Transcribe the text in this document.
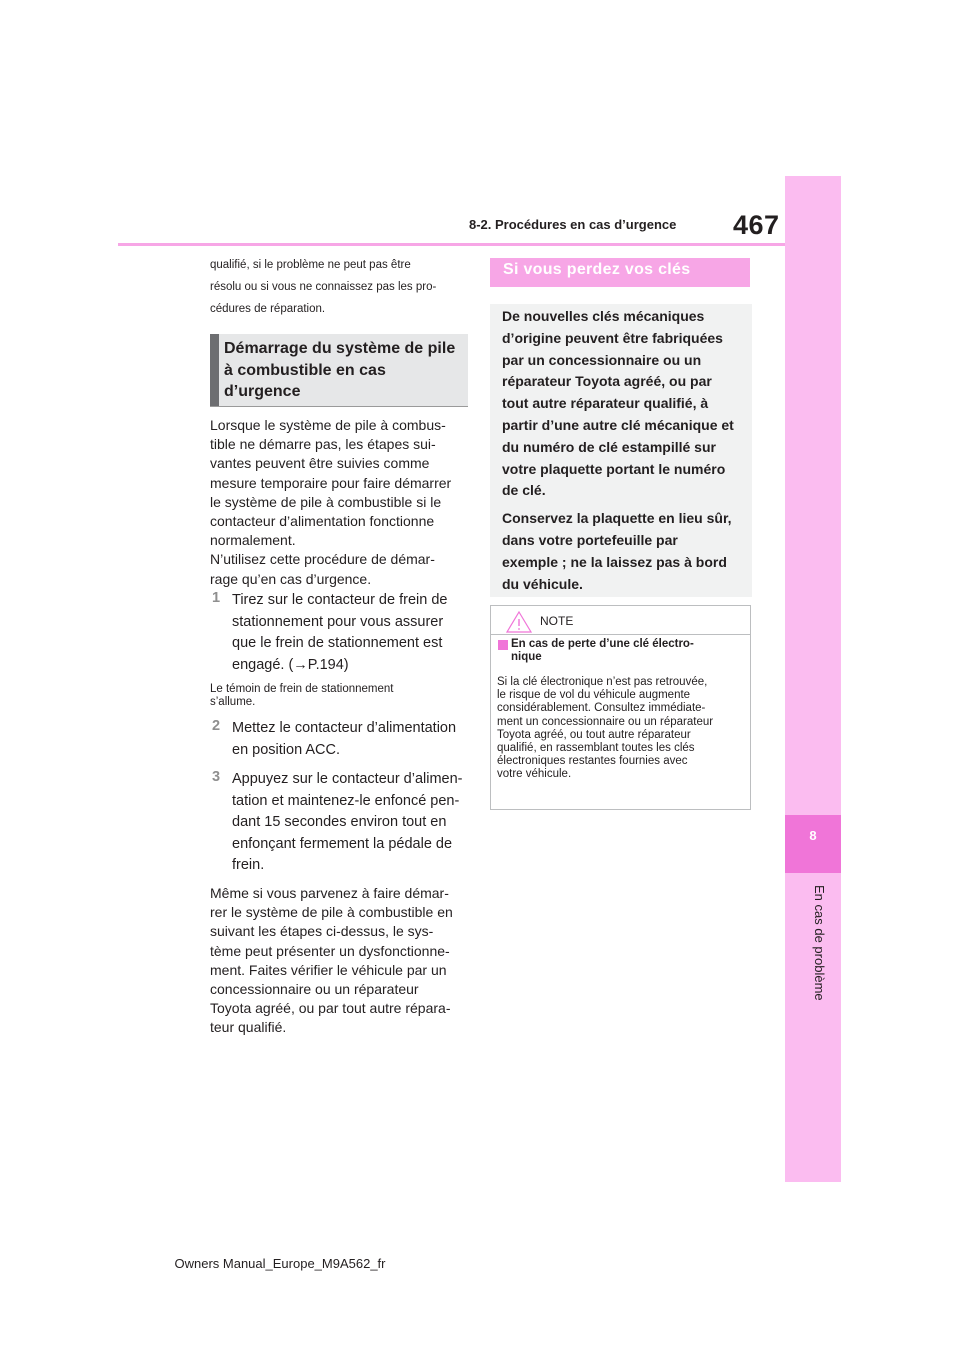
8
En cas de problème
8-2. Procédures en cas d’urgence 467
qualifié, si le problème ne peut pas être
résolu ou si vous ne connaissez pas les pro-
cédures de réparation.
Démarrage du système de pile
à combustible en cas
d’urgence
Lorsque le système de pile à combus-
tible ne démarre pas, les étapes sui-
vantes peuvent être suivies comme
mesure temporaire pour faire démarrer
le système de pile à combustible si le
contacteur d’alimentation fonctionne
normalement.
N’utilisez cette procédure de démar-
rage qu’en cas d’urgence.
1 Tirez sur le contacteur de frein de
stationnement pour vous assurer
que le frein de stationnement est
engagé. (→P.194)
Le témoin de frein de stationnement
s’allume.
2 Mettez le contacteur d’alimentation
en position ACC.
3 Appuyez sur le contacteur d’alimen-
tation et maintenez-le enfoncé pen-
dant 15 secondes environ tout en
enfonçant fermement la pédale de
frein.
Même si vous parvenez à faire démar-
rer le système de pile à combustible en
suivant les étapes ci-dessus, le sys-
tème peut présenter un dysfonctionne-
ment. Faites vérifier le véhicule par un
concessionnaire ou un réparateur
Toyota agréé, ou par tout autre répara-
teur qualifié.
Si vous perdez vos clés
De nouvelles clés mécaniques
d’origine peuvent être fabriquées
par un concessionnaire ou un
réparateur Toyota agréé, ou par
tout autre réparateur qualifié, à
partir d’une autre clé mécanique et
du numéro de clé estampillé sur
votre plaquette portant le numéro
de clé.
Conservez la plaquette en lieu sûr,
dans votre portefeuille par
exemple ; ne la laissez pas à bord
du véhicule.
NOTE
En cas de perte d’une clé électro-
nique
Si la clé électronique n’est pas retrouvée,
le risque de vol du véhicule augmente
considérablement. Consultez immédiate-
ment un concessionnaire ou un réparateur
Toyota agréé, ou tout autre réparateur
qualifié, en rassemblant toutes les clés
électroniques restantes fournies avec
votre véhicule.
Owners Manual_Europe_M9A562_fr
